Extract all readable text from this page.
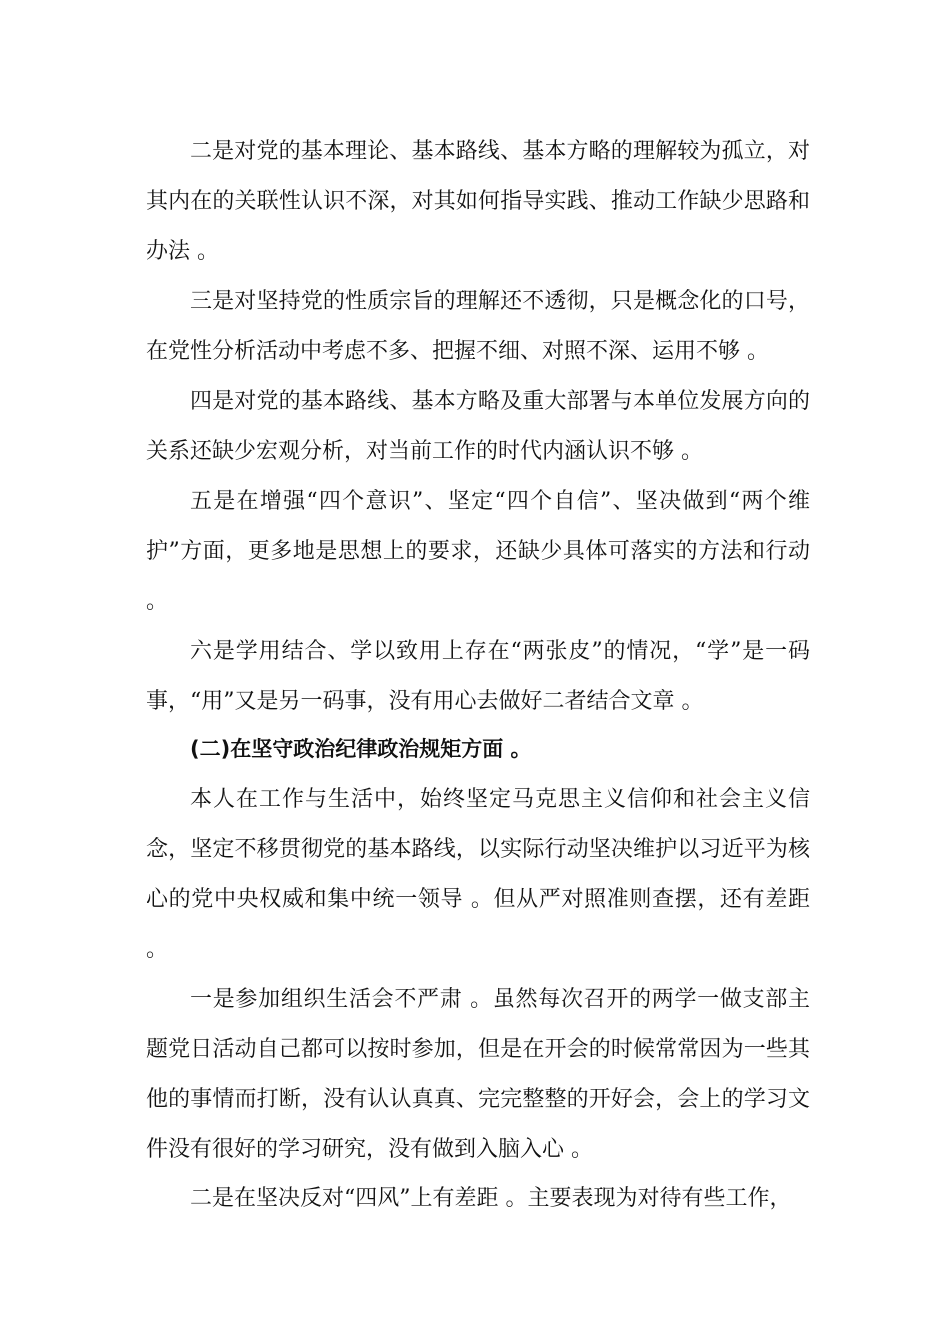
二是对党的基本理论、基本路线、基本方略的理解较为孤立，对其内在的关联性认识不深，对其如何指导实践、推动工作缺少思路和办法 。

三是对坚持党的性质宗旨的理解还不透彻，只是概念化的口号，在党性分析活动中考虑不多、把握不细、对照不深、运用不够 。

四是对党的基本路线、基本方略及重大部署与本单位发展方向的关系还缺少宏观分析，对当前工作的时代内涵认识不够 。

五是在增强“四个意识”、坚定“四个自信”、坚决做到“两个维护”方面，更多地是思想上的要求，还缺少具体可落实的方法和行动 。

六是学用结合、学以致用上存在“两张皮”的情况，“学”是一码事，“用”又是另一码事，没有用心去做好二者结合文章 。

(二)在坚守政治纪律政治规矩方面 。

本人在工作与生活中，始终坚定马克思主义信仰和社会主义信念，坚定不移贯彻党的基本路线，以实际行动坚决维护以习近平为核心的党中央权威和集中统一领导 。但从严对照准则查摆，还有差距 。

一是参加组织生活会不严肃 。虽然每次召开的两学一做支部主题党日活动自己都可以按时参加，但是在开会的时候常常因为一些其他的事情而打断，没有认认真真、完完整整的开好会，会上的学习文件没有很好的学习研究，没有做到入脑入心 。

二是在坚决反对“四风”上有差距 。主要表现为对待有些工作，
